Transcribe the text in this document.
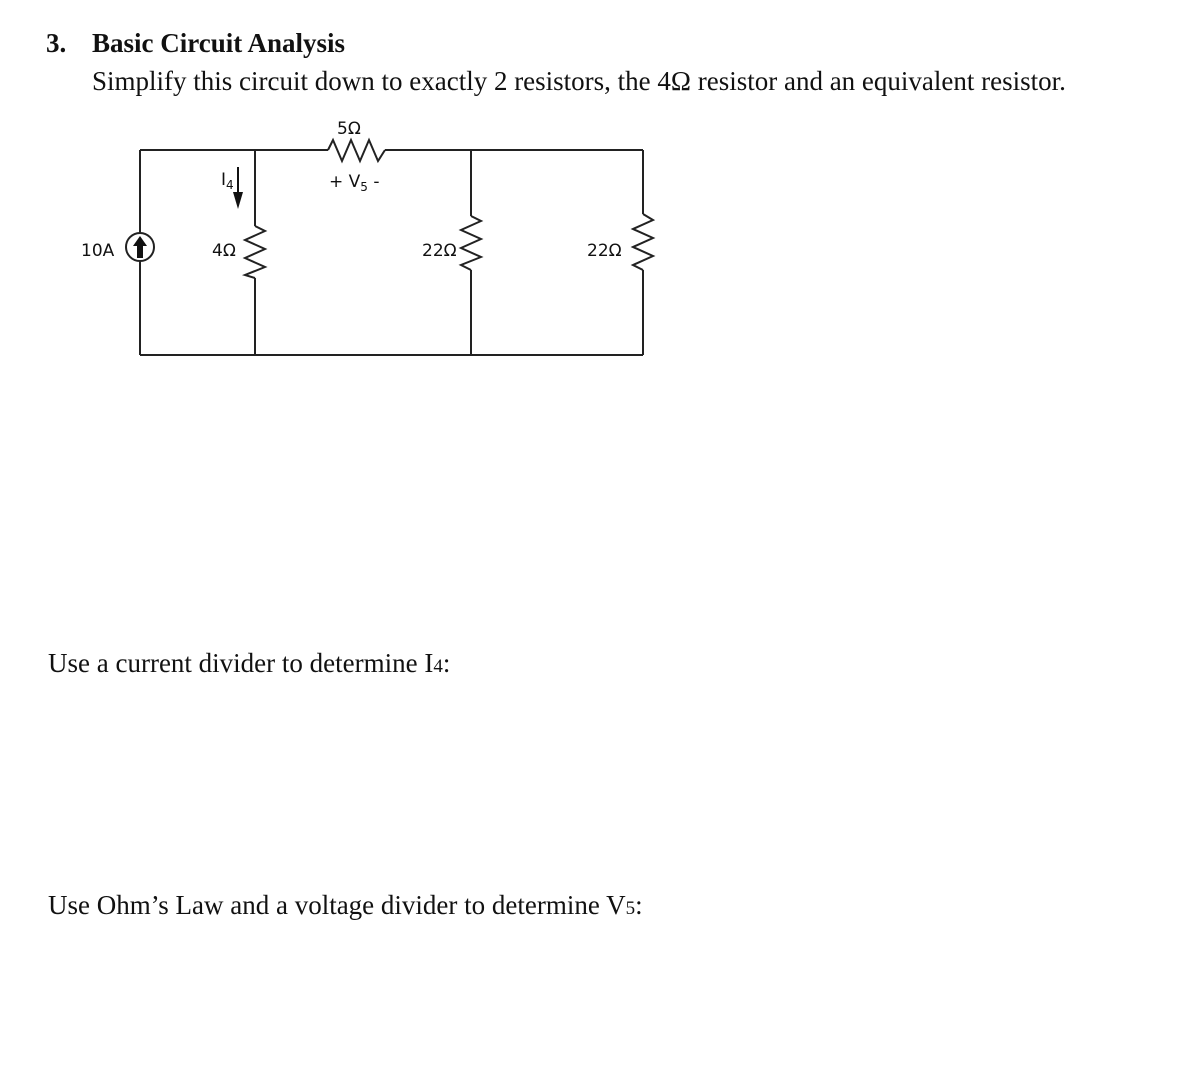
3. Basic Circuit Analysis
Simplify this circuit down to exactly 2 resistors, the 4Ω resistor and an equivalent resistor.
10A
5Ω
+ $V_5$ -
$I_4$
4Ω	22Ω	22Ω
Use a current divider to determine I4:
Use Ohm’s Law and a voltage divider to determine V5:
